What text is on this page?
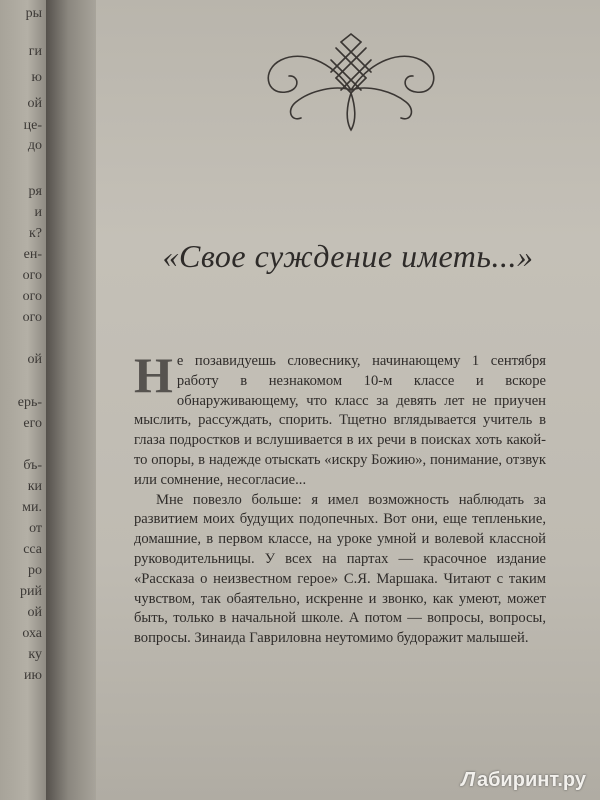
ры
ги
ю
ой
це-
до
ря
и
к?
ен-
ого
ого
ого
ой
ерь-
его
бъ-
ки
ми.
от
сса
ро
рий
ой
оха
ку
ию
«Свое суждение иметь...»

Не позавидуешь словеснику, начинающему 1 сентября работу в незнакомом 10-м классе и вскоре обнаруживающему, что класс за девять лет не приучен мыслить, рассуждать, спорить. Тщетно вглядывается учитель в глаза подростков и вслушивается в их речи в поисках хоть какой-то опоры, в надежде отыскать «искру Божию», понимание, отзвук или сомнение, несогласие...

Мне повезло больше: я имел возможность наблюдать за развитием моих будущих подопечных. Вот они, еще тепленькие, домашние, в первом классе, на уроке умной и волевой классной руководительницы. У всех на партах — красочное издание «Рассказа о неизвестном герое» С.Я. Маршака. Читают с таким чувством, так обаятельно, искренне и звонко, как умеют, может быть, только в начальной школе. А потом — вопросы, вопросы, вопросы. Зинаида Гавриловна неутомимо будоражит малышей.

Л абиринт.ру
